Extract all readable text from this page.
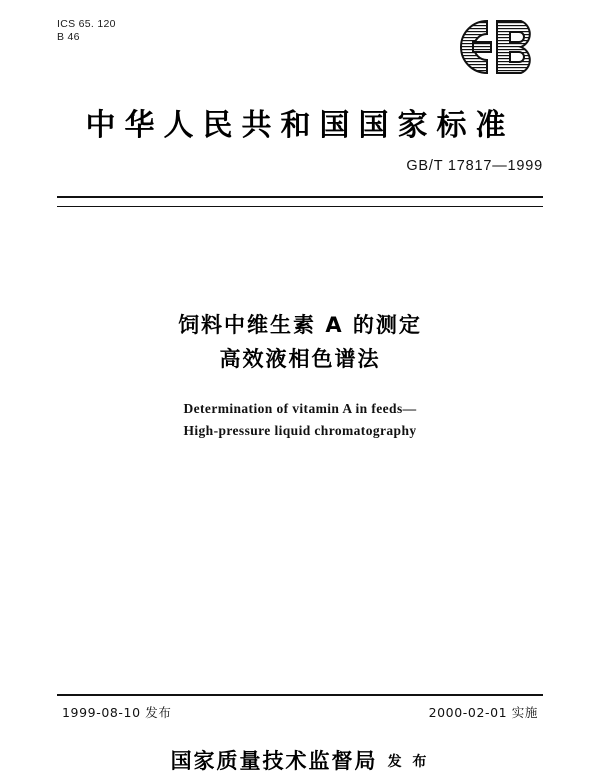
ICS 65. 120
B 46
中华人民共和国国家标准
GB/T 17817—1999
饲料中维生素 A 的测定
高效液相色谱法
Determination of vitamin A in feeds—
High-pressure liquid chromatography
1999-08-10 发布	2000-02-01 实施
国家质量技术监督局 发 布
